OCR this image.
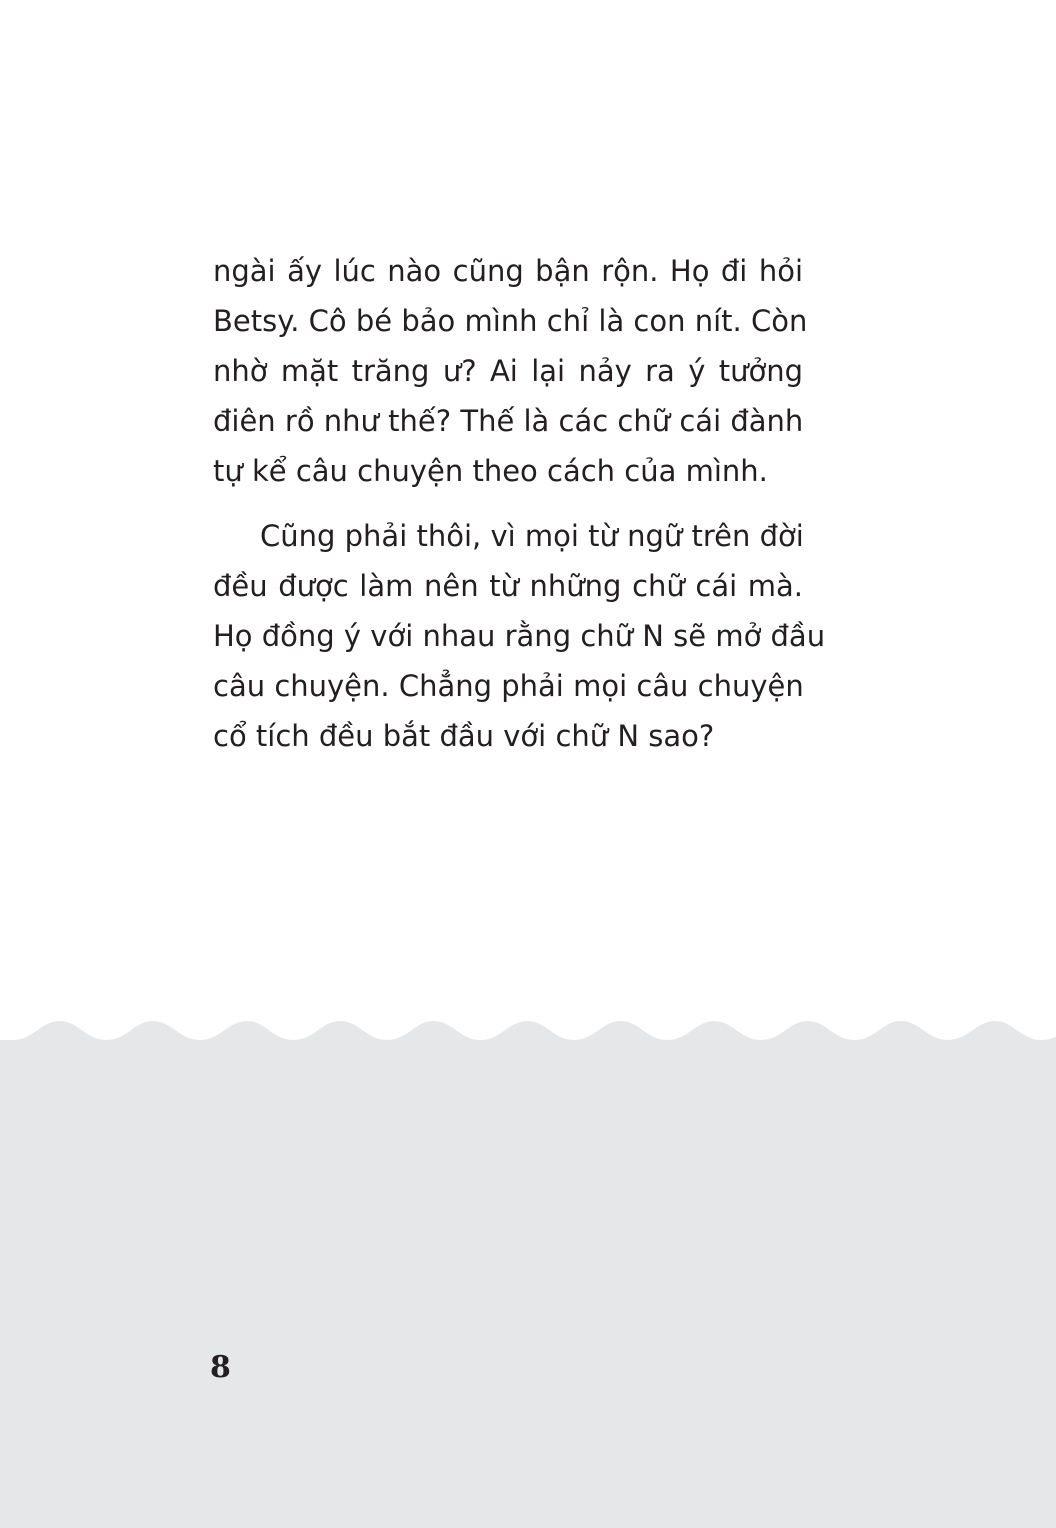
ngài ấy lúc nào cũng bận rộn. Họ đi hỏi
Betsy. Cô bé bảo mình chỉ là con nít. Còn
nhờ mặt trăng ư? Ai lại nảy ra ý tưởng
điên rồ như thế? Thế là các chữ cái đành
tự kể câu chuyện theo cách của mình.

Cũng phải thôi, vì mọi từ ngữ trên đời
đều được làm nên từ những chữ cái mà.
Họ đồng ý với nhau rằng chữ N sẽ mở đầu
câu chuyện. Chẳng phải mọi câu chuyện
cổ tích đều bắt đầu với chữ N sao?

8
